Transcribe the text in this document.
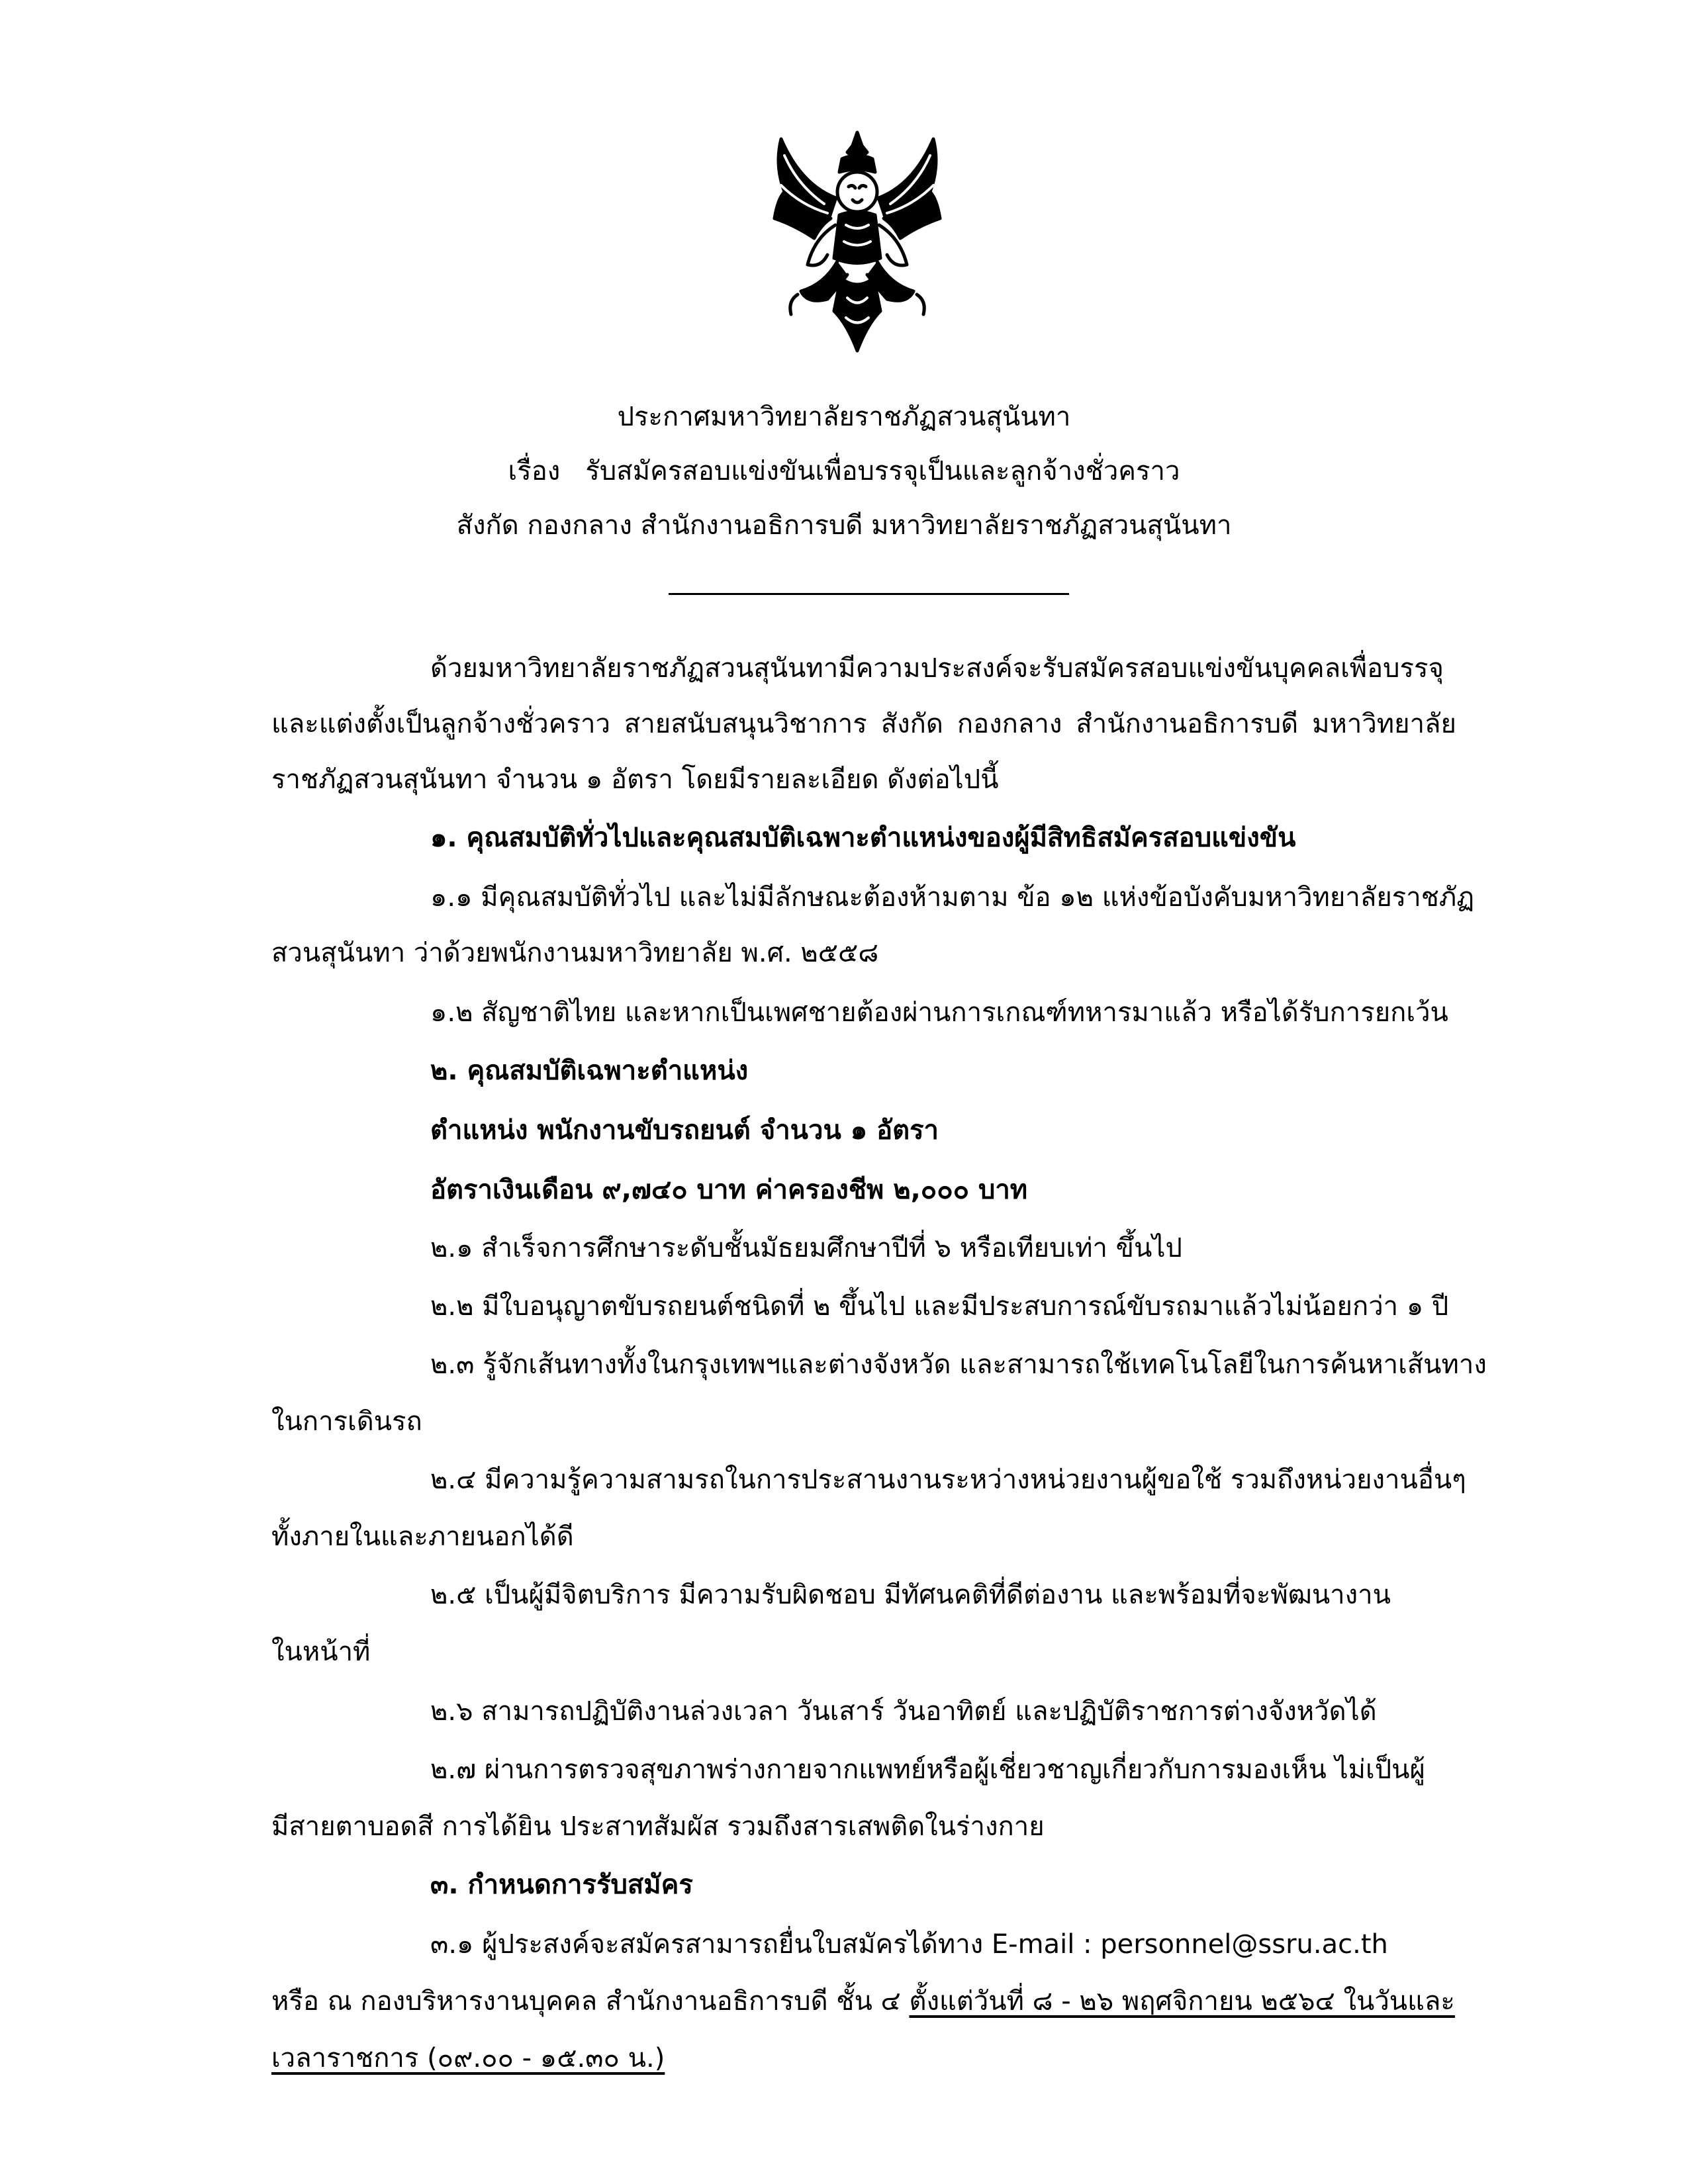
ประกาศมหาวิทยาลัยราชภัฏสวนสุนันทา
เรื่อง รับสมัครสอบแข่งขันเพื่อบรรจุเป็นและลูกจ้างชั่วคราว
สังกัด กองกลาง สำนักงานอธิการบดี มหาวิทยาลัยราชภัฏสวนสุนันทา
ด้วยมหาวิทยาลัยราชภัฏสวนสุนันทามีความประสงค์จะรับสมัครสอบแข่งขันบุคคลเพื่อบรรจุ
และแต่งตั้งเป็นลูกจ้างชั่วคราว สายสนับสนุนวิชาการ สังกัด กองกลาง สำนักงานอธิการบดี มหาวิทยาลัย
ราชภัฏสวนสุนันทา จำนวน ๑ อัตรา โดยมีรายละเอียด ดังต่อไปนี้
๑. คุณสมบัติทั่วไปและคุณสมบัติเฉพาะตำแหน่งของผู้มีสิทธิสมัครสอบแข่งขัน
๑.๑ มีคุณสมบัติทั่วไป และไม่มีลักษณะต้องห้ามตาม ข้อ ๑๒ แห่งข้อบังคับมหาวิทยาลัยราชภัฏ
สวนสุนันทา ว่าด้วยพนักงานมหาวิทยาลัย พ.ศ. ๒๕๕๘
๑.๒ สัญชาติไทย และหากเป็นเพศชายต้องผ่านการเกณฑ์ทหารมาแล้ว หรือได้รับการยกเว้น
๒. คุณสมบัติเฉพาะตำแหน่ง
ตำแหน่ง พนักงานขับรถยนต์ จำนวน ๑ อัตรา
อัตราเงินเดือน ๙,๗๔๐ บาท ค่าครองชีพ ๒,๐๐๐ บาท
๒.๑ สำเร็จการศึกษาระดับชั้นมัธยมศึกษาปีที่ ๖ หรือเทียบเท่า ขึ้นไป
๒.๒ มีใบอนุญาตขับรถยนต์ชนิดที่ ๒ ขึ้นไป และมีประสบการณ์ขับรถมาแล้วไม่น้อยกว่า ๑ ปี
๒.๓ รู้จักเส้นทางทั้งในกรุงเทพฯและต่างจังหวัด และสามารถใช้เทคโนโลยีในการค้นหาเส้นทาง
ในการเดินรถ
๒.๔ มีความรู้ความสามรถในการประสานงานระหว่างหน่วยงานผู้ขอใช้ รวมถึงหน่วยงานอื่นๆ
ทั้งภายในและภายนอกได้ดี
๒.๕ เป็นผู้มีจิตบริการ มีความรับผิดชอบ มีทัศนคติที่ดีต่องาน และพร้อมที่จะพัฒนางาน
ในหน้าที่
๒.๖ สามารถปฏิบัติงานล่วงเวลา วันเสาร์ วันอาทิตย์ และปฏิบัติราชการต่างจังหวัดได้
๒.๗ ผ่านการตรวจสุขภาพร่างกายจากแพทย์หรือผู้เชี่ยวชาญเกี่ยวกับการมองเห็น ไม่เป็นผู้
มีสายตาบอดสี การได้ยิน ประสาทสัมผัส รวมถึงสารเสพติดในร่างกาย
๓. กำหนดการรับสมัคร
๓.๑ ผู้ประสงค์จะสมัครสามารถยื่นใบสมัครได้ทาง E-mail : personnel@ssru.ac.th
หรือ ณ กองบริหารงานบุคคล สำนักงานอธิการบดี ชั้น ๔ ตั้งแต่วันที่ ๘ - ๒๖ พฤศจิกายน ๒๕๖๔ ในวันและ
เวลาราชการ (๐๙.๐๐ - ๑๕.๓๐ น.)
